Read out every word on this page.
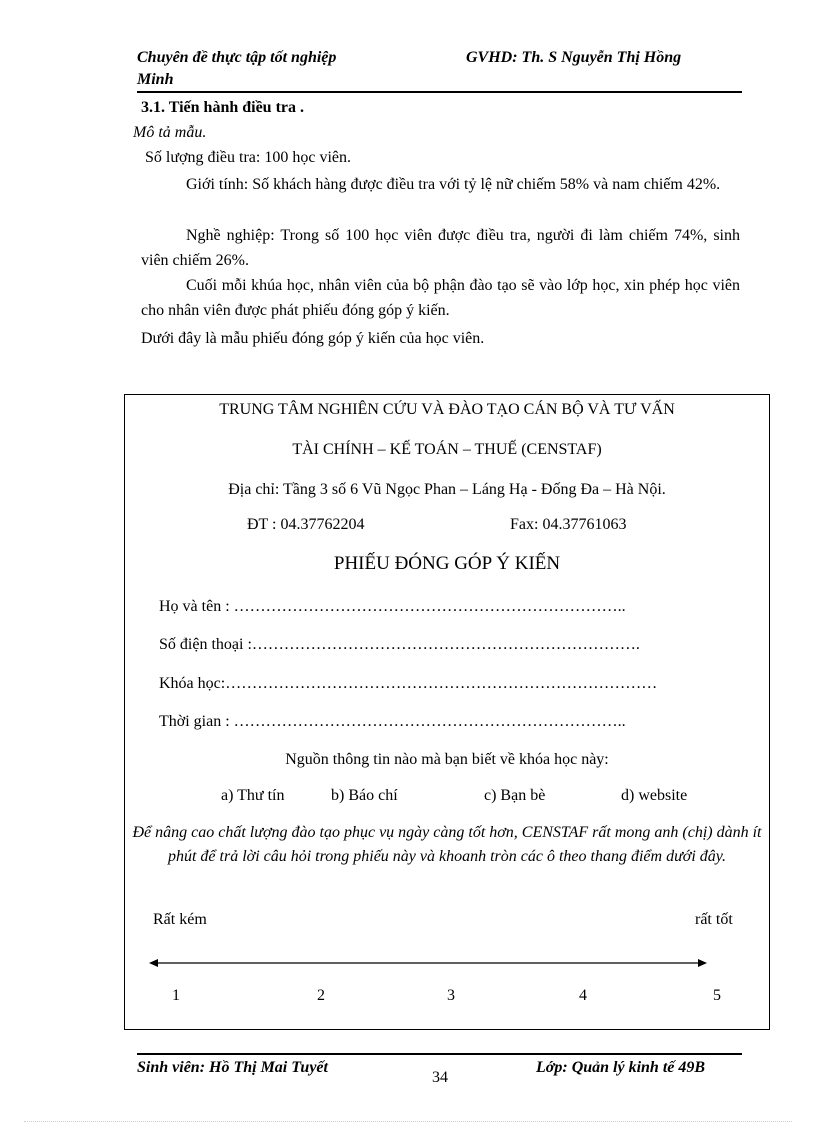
Chuyên đề thực tập tốt nghiệp
Minh
GVHD: Th. S Nguyễn Thị Hồng
3.1. Tiến hành điều tra .
Mô tả mẫu.
Số lượng điều tra: 100 học viên.
Giới tính: Số khách hàng được điều tra với tỷ lệ nữ chiếm 58% và nam chiếm 42%.
Nghề nghiệp: Trong số 100 học viên được điều tra, người đi làm chiếm 74%, sinh viên chiếm 26%.
Cuối mỗi khúa học, nhân viên của bộ phận đào tạo sẽ vào lớp học, xin phép học viên cho nhân viên được phát phiếu đóng góp ý kiến.
Dưới đây là mẫu phiếu đóng góp ý kiến của học viên.
TRUNG TÂM NGHIÊN CỨU VÀ ĐÀO TẠO CÁN BỘ VÀ TƯ VẤN
TÀI CHÍNH – KẾ TOÁN – THUẾ (CENSTAF)
Địa chỉ: Tầng 3 số 6 Vũ Ngọc Phan – Láng Hạ - Đống Đa – Hà Nội.
ĐT : 04.37762204	Fax: 04.37761063
PHIẾU ĐÓNG GÓP Ý KIẾN
Họ và tên : ………………………………………………………………..
Số điện thoại :……………………………………………………………….
Khóa học:………………………………………………………………………
Thời gian : ………………………………………………………………..
Nguồn thông tin nào mà bạn biết về khóa học này:
a) Thư tín	b) Báo chí	c) Bạn bè	d) website
Để nâng cao chất lượng đào tạo phục vụ ngày càng tốt hơn, CENSTAF rất mong anh (chị) dành ít phút để trả lời câu hỏi trong phiếu này và khoanh tròn các ô theo thang điểm dưới đây.
Rất kém	rất tốt
1	2	3	4	5
Sinh viên: Hồ Thị Mai Tuyết
34
Lớp: Quản lý kinh tế 49B
